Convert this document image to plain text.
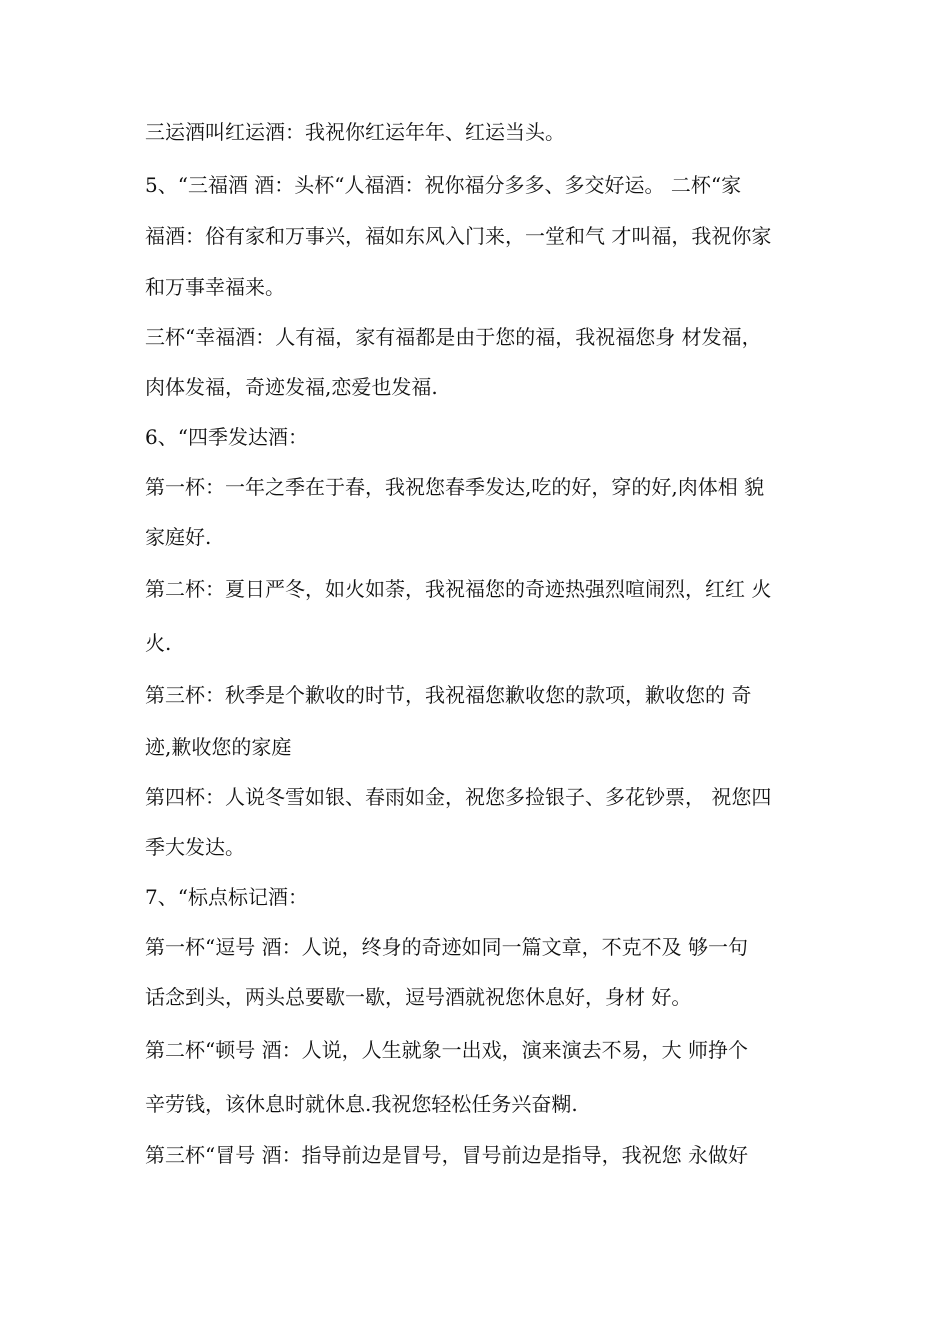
三运酒叫红运酒：我祝你红运年年、红运当头。

5、“三福酒 酒：头杯“人福酒：祝你福分多多、多交好运。 二杯“家

福酒：俗有家和万事兴，福如东风入门来，一堂和气 才叫福，我祝你家

和万事幸福来。

三杯“幸福酒：人有福，家有福都是由于您的福，我祝福您身 材发福，

肉体发福，奇迹发福,恋爱也发福.

6、“四季发达酒：

第一杯：一年之季在于春，我祝您春季发达,吃的好，穿的好,肉体相 貌

家庭好.

第二杯：夏日严冬，如火如荼，我祝福您的奇迹热强烈喧闹烈，红红 火

火.

第三杯：秋季是个歉收的时节，我祝福您歉收您的款项，歉收您的 奇

迹,歉收您的家庭

第四杯：人说冬雪如银、春雨如金，祝您多捡银子、多花钞票， 祝您四

季大发达。

7、“标点标记酒：

第一杯“逗号 酒：人说，终身的奇迹如同一篇文章，不克不及 够一句

话念到头，两头总要歇一歇，逗号酒就祝您休息好，身材 好。

第二杯“顿号 酒：人说，人生就象一出戏，演来演去不易，大 师挣个

辛劳钱，该休息时就休息.我祝您轻松任务兴奋糊.

第三杯“冒号 酒：指导前边是冒号，冒号前边是指导，我祝您 永做好
